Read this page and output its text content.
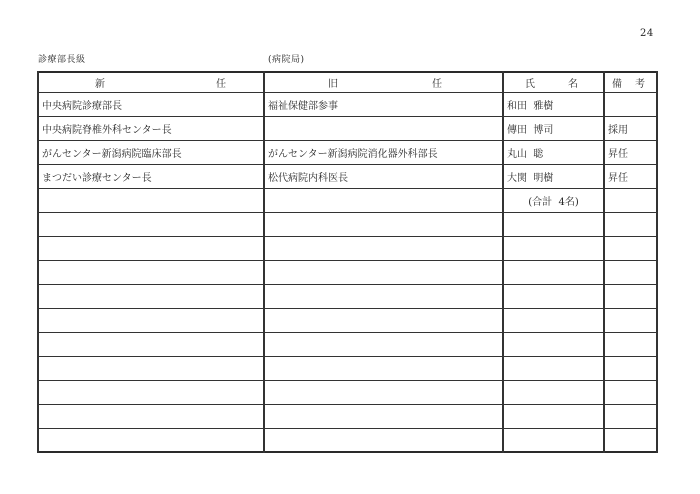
24
診療部長級	(病院局)
新 任	旧 任	氏 名	備 考

中央病院診療部長	福祉保健部参事	和田  雅樹	
中央病院脊椎外科センター長		傳田  博司	採用
がんセンター新潟病院臨床部長	がんセンター新潟病院消化器外科部長	丸山  聡	昇任
まつだい診療センター長	松代病院内科医長	大関  明樹	昇任
		(合計  4名)	
